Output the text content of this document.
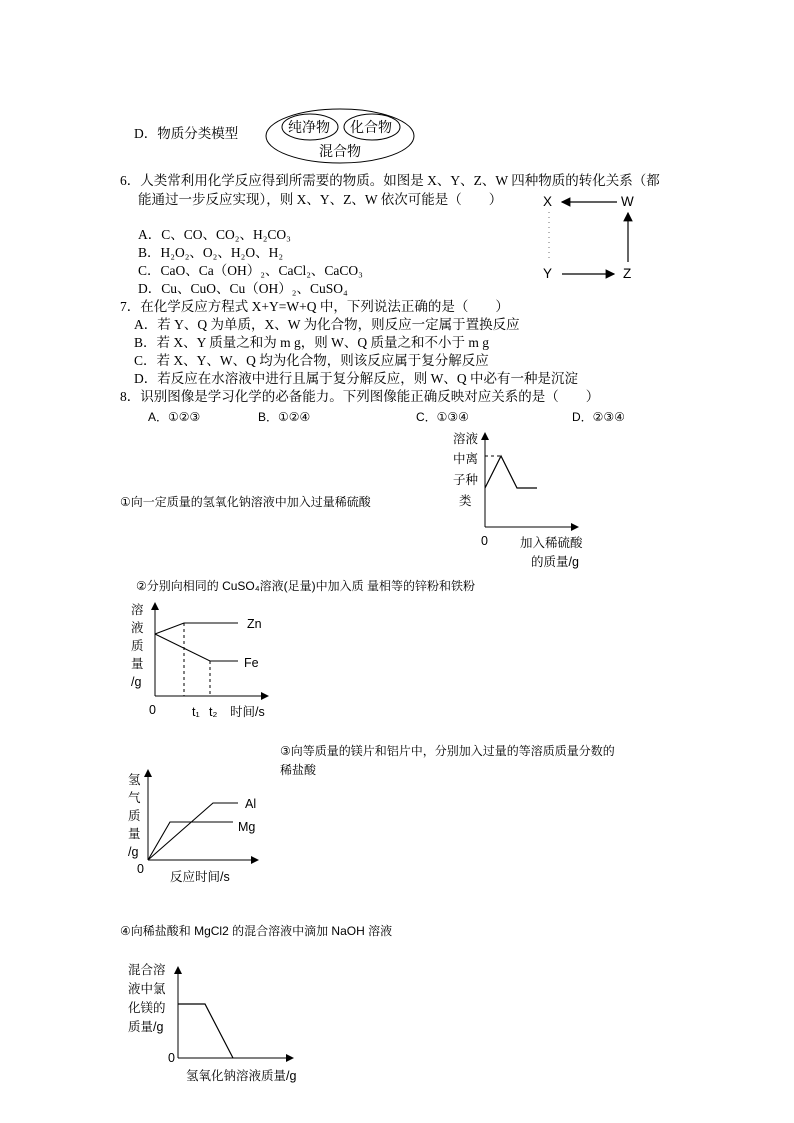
D．物质分类模型	纯净物 化合物
混合物
6．人类常利用化学反应得到所需要的物质。如图是 X、Y、Z、W 四种物质的转化关系（都
能通过一步反应实现），则 X、Y、Z、W 依次可能是（　　）
A．C、CO、CO₂、H₂CO₃
B．H₂O₂、O₂、H₂O、H₂
C．CaO、Ca（OH）₂、CaCl₂、CaCO₃
D．Cu、CuO、Cu（OH）₂、CuSO₄
X	W
Y	Z
7．在化学反应方程式 X+Y=W+Q 中，下列说法正确的是（　　）
A．若 Y、Q 为单质，X、W 为化合物，则反应一定属于置换反应
B．若 X、Y 质量之和为 m g，则 W、Q 质量之和不小于 m g
C．若 X、Y、W、Q 均为化合物，则该反应属于复分解反应
D．若反应在水溶液中进行且属于复分解反应，则 W、Q 中必有一种是沉淀
8．识别图像是学习化学的必备能力。下列图像能正确反映对应关系的是（　　）
A．①②③	B．①②④	C．①③④	D．②③④
①向一定质量的氢氧化钠溶液中加入过量稀硫酸
溶液
中离
子种
类
0	加入稀硫酸
的质量/g
②分别向相同的 CuSO₄溶液(足量)中加入质 量相等的锌粉和铁粉
溶
液
质
量
/g
0	t₁ t₂ 时间/s
Zn
Fe
③向等质量的镁片和铝片中，分别加入过量的等溶质质量分数的
稀盐酸
氢
气
质
量
/g
0
反应时间/s
Al
Mg
④向稀盐酸和 MgCl2 的混合溶液中滴加 NaOH 溶液
混合溶
液中氯
化镁的
质量/g
0
氢氧化钠溶液质量/g
